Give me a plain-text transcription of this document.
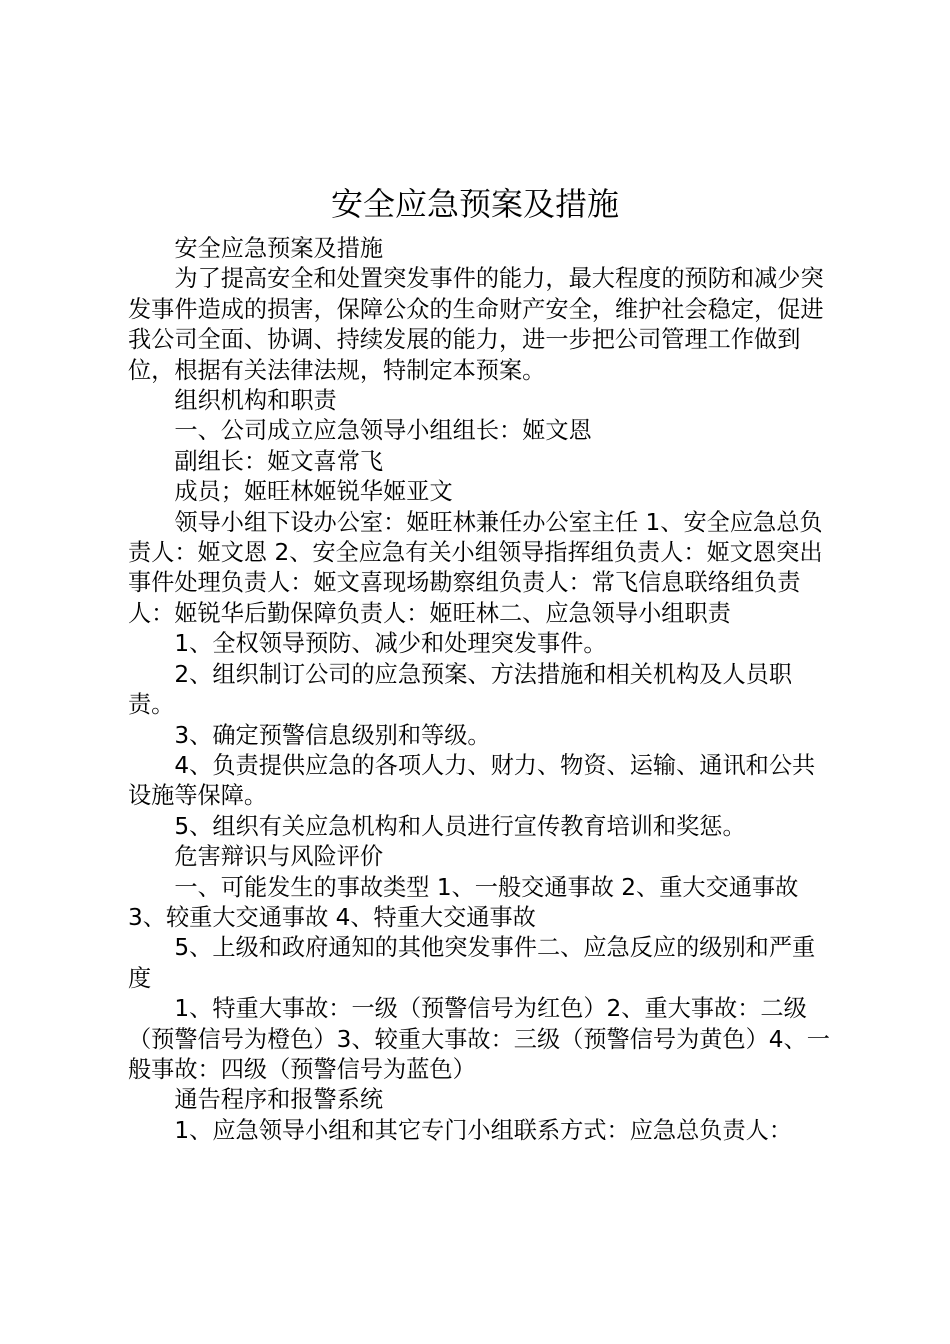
安全应急预案及措施

安全应急预案及措施

为了提高安全和处置突发事件的能力，最大程度的预防和减少突发事件造成的损害，保障公众的生命财产安全，维护社会稳定，促进我公司全面、协调、持续发展的能力，进一步把公司管理工作做到位，根据有关法律法规，特制定本预案。

组织机构和职责

一、公司成立应急领导小组组长：姬文恩

副组长：姬文喜常飞

成员；姬旺林姬锐华姬亚文

领导小组下设办公室：姬旺林兼任办公室主任 1、安全应急总负责人：姬文恩 2、安全应急有关小组领导指挥组负责人：姬文恩突出事件处理负责人：姬文喜现场勘察组负责人：常飞信息联络组负责人：姬锐华后勤保障负责人：姬旺林二、应急领导小组职责

1、全权领导预防、减少和处理突发事件。

2、组织制订公司的应急预案、方法措施和相关机构及人员职责。

3、确定预警信息级别和等级。

4、负责提供应急的各项人力、财力、物资、运输、通讯和公共设施等保障。

5、组织有关应急机构和人员进行宣传教育培训和奖惩。

危害辩识与风险评价

一、可能发生的事故类型 1、一般交通事故 2、重大交通事故 3、较重大交通事故 4、特重大交通事故

5、上级和政府通知的其他突发事件二、应急反应的级别和严重度

1、特重大事故：一级（预警信号为红色）2、重大事故：二级（预警信号为橙色）3、较重大事故：三级（预警信号为黄色）4、一般事故：四级（预警信号为蓝色）

通告程序和报警系统

1、应急领导小组和其它专门小组联系方式：应急总负责人：
